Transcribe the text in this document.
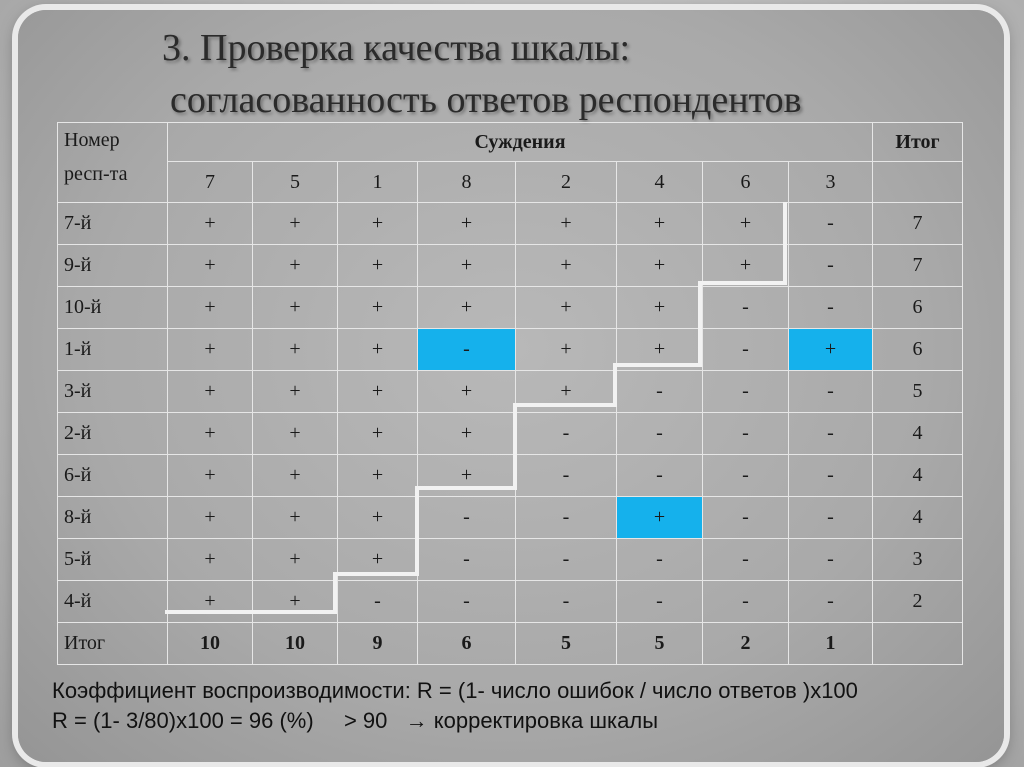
3. Проверка качества шкалы:
согласованность ответов респондентов
Номер
респ-та	Суждения								Итог
	7	5	1	8	2	4	6	3	
7-й	+	+	+	+	+	+	+	-	7
9-й	+	+	+	+	+	+	+	-	7
10-й	+	+	+	+	+	+	-	-	6
1-й	+	+	+	-	+	+	-	+	6
3-й	+	+	+	+	+	-	-	-	5
2-й	+	+	+	+	-	-	-	-	4
6-й	+	+	+	+	-	-	-	-	4
8-й	+	+	+	-	-	+	-	-	4
5-й	+	+	+	-	-	-	-	-	3
4-й	+	+	-	-	-	-	-	-	2
Итог	10	10	9	6	5	5	2	1	
Коэффициент воспроизводимости: R = (1- число ошибок / число ответов )х100
R = (1- 3/80)х100 = 96 (%) > 90 → корректировка шкалы
